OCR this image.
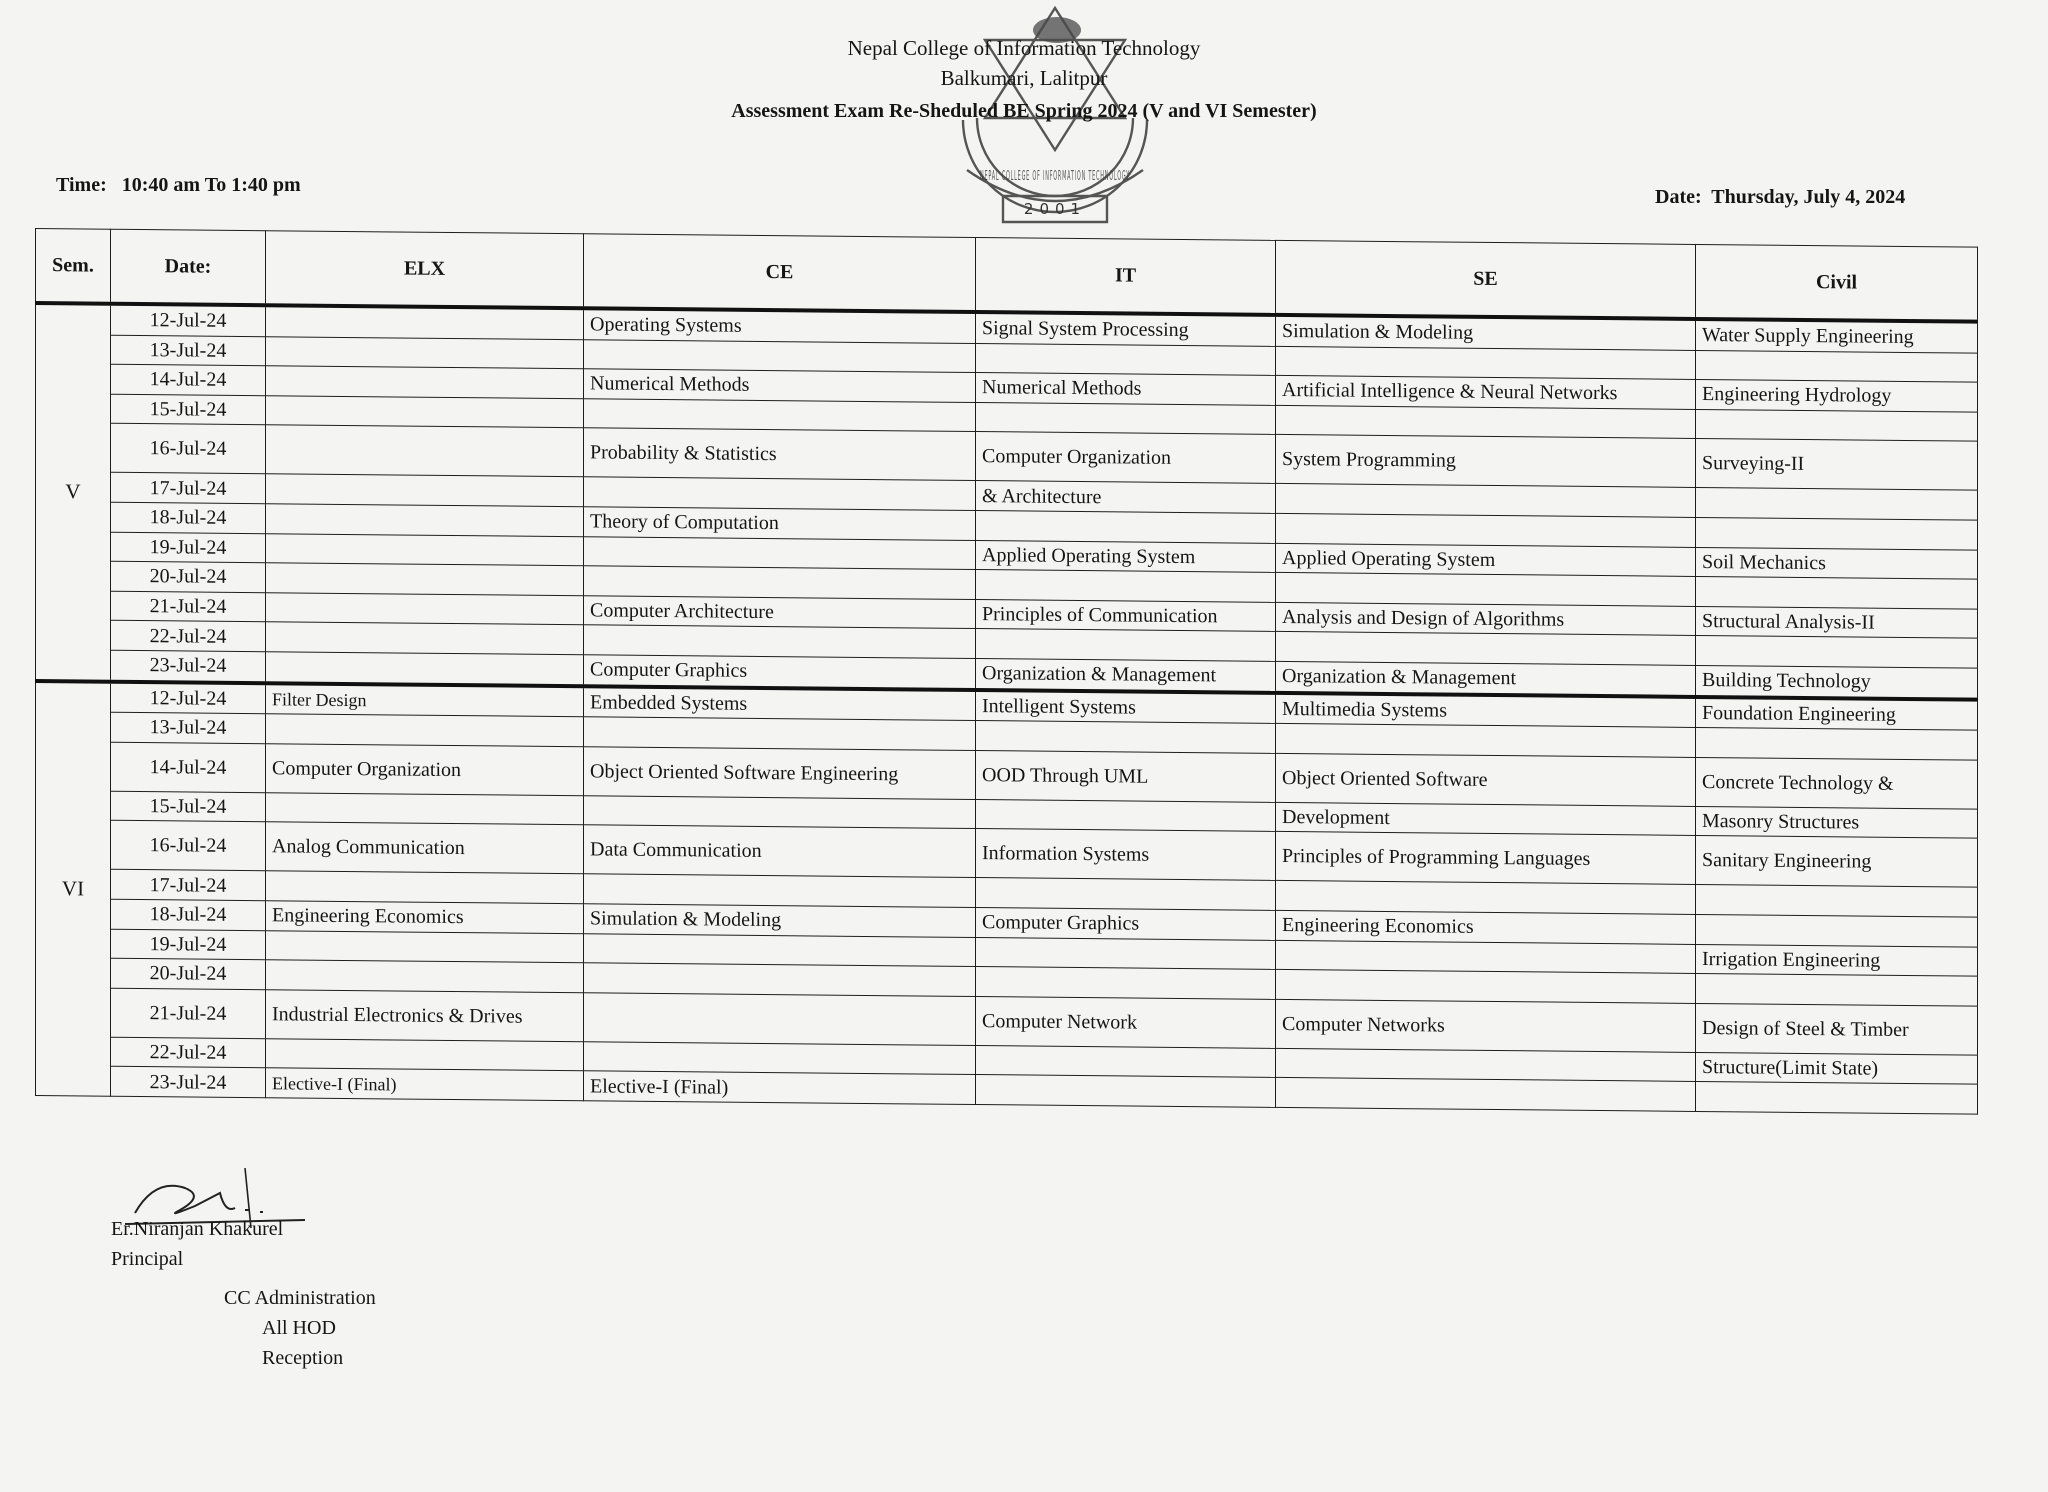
2001
NEPAL COLLEGE OF INFORMATION TECHNOLOGY
Nepal College of Information Technology
Balkumari, Lalitpur
Assessment Exam Re-Sheduled BE Spring 2024 (V and VI Semester)
Time: 10:40 am To 1:40 pm
Date: Thursday, July 4, 2024
Sem.	Date:	ELX	CE	IT	SE	Civil
V	12-Jul-24		Operating Systems	Signal System Processing	Simulation & Modeling	Water Supply Engineering
	13-Jul-24					
	14-Jul-24		Numerical Methods	Numerical Methods	Artificial Intelligence & Neural Networks	Engineering Hydrology
	15-Jul-24					
	16-Jul-24		Probability & Statistics	Computer Organization	System Programming	Surveying-II
	17-Jul-24			& Architecture		
	18-Jul-24		Theory of Computation			
	19-Jul-24			Applied Operating System	Applied Operating System	Soil Mechanics
	20-Jul-24					
	21-Jul-24		Computer Architecture	Principles of Communication	Analysis and Design of Algorithms	Structural Analysis-II
	22-Jul-24					
	23-Jul-24		Computer Graphics	Organization & Management	Organization & Management	Building Technology
VI	12-Jul-24	Filter Design	Embedded Systems	Intelligent Systems	Multimedia Systems	Foundation Engineering
	13-Jul-24					
	14-Jul-24	Computer Organization	Object Oriented Software Engineering	OOD Through UML	Object Oriented Software	Concrete Technology &
	15-Jul-24				Development	Masonry Structures
	16-Jul-24	Analog Communication	Data Communication	Information Systems	Principles of Programming Languages	Sanitary Engineering
	17-Jul-24					
	18-Jul-24	Engineering Economics	Simulation & Modeling	Computer Graphics	Engineering Economics	
	19-Jul-24					Irrigation Engineering
	20-Jul-24					
	21-Jul-24	Industrial Electronics & Drives		Computer Network	Computer Networks	Design of Steel & Timber
	22-Jul-24					Structure(Limit State)
	23-Jul-24	Elective-I (Final)	Elective-I (Final)			
Er.Niranjan Khakurel
Principal
CC Administration
All HOD
Reception
